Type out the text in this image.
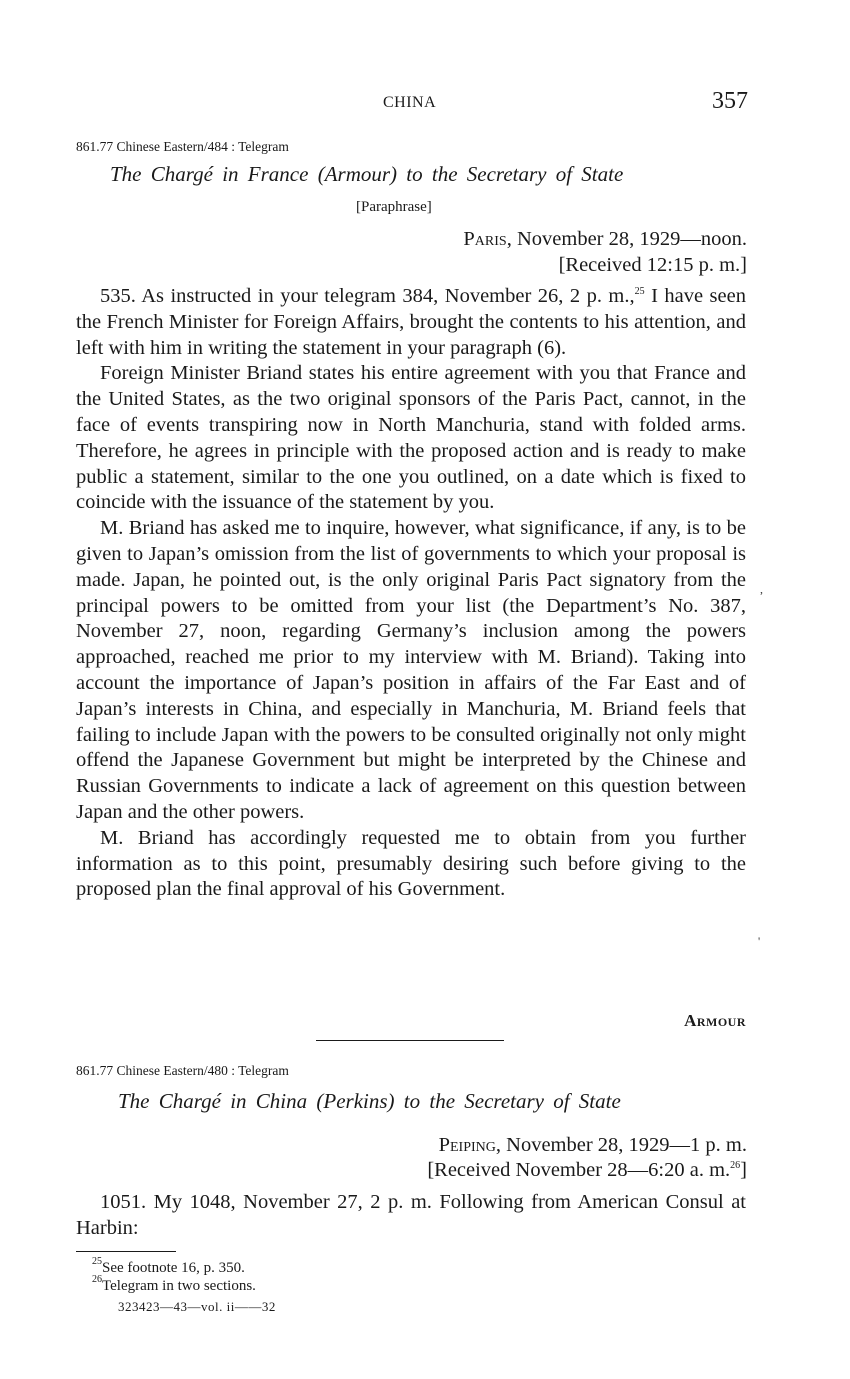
CHINA	357
861.77 Chinese Eastern/484 : Telegram
The Chargé in France (Armour) to the Secretary of State
[Paraphrase]
Paris, November 28, 1929—noon.
[Received 12:15 p. m.]

535. As instructed in your telegram 384, November 26, 2 p. m.,$^{25}$ I have seen the French Minister for Foreign Affairs, brought the contents to his attention, and left with him in writing the statement in your paragraph (6).

Foreign Minister Briand states his entire agreement with you that France and the United States, as the two original sponsors of the Paris Pact, cannot, in the face of events transpiring now in North Manchuria, stand with folded arms. Therefore, he agrees in principle with the proposed action and is ready to make public a statement, similar to the one you outlined, on a date which is fixed to coincide with the issuance of the statement by you.

M. Briand has asked me to inquire, however, what significance, if any, is to be given to Japan’s omission from the list of governments to which your proposal is made. Japan, he pointed out, is the only original Paris Pact signatory from the principal powers to be omitted from your list (the Department’s No. 387, November 27, noon, regarding Germany’s inclusion among the powers approached, reached me prior to my interview with M. Briand). Taking into account the importance of Japan’s position in affairs of the Far East and of Japan’s interests in China, and especially in Manchuria, M. Briand feels that failing to include Japan with the powers to be consulted originally not only might offend the Japanese Government but might be interpreted by the Chinese and Russian Governments to indicate a lack of agreement on this question between Japan and the other powers.

M. Briand has accordingly requested me to obtain from you further information as to this point, presumably desiring such before giving to the proposed plan the final approval of his Government.

Armour
861.77 Chinese Eastern/480 : Telegram
The Chargé in China (Perkins) to the Secretary of State
Peiping, November 28, 1929—1 p. m.
[Received November 28—6:20 a. m.$^{26}$]

1051. My 1048, November 27, 2 p. m. Following from American Consul at Harbin:

$^{25}$See footnote 16, p. 350.
$^{26}$Telegram in two sections.
323423—43—vol. ii——32
,
'
